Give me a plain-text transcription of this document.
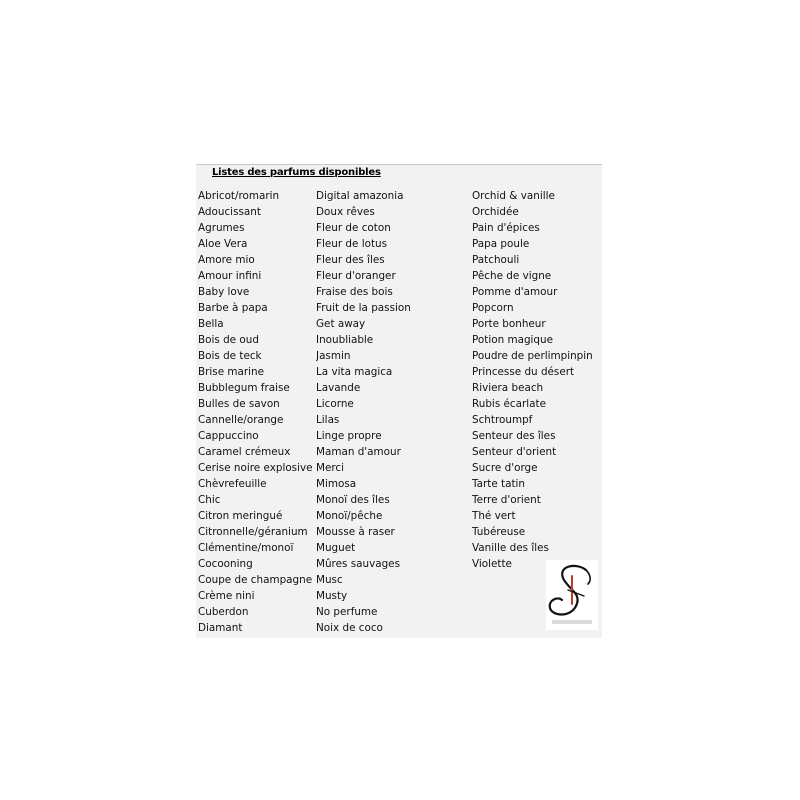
Listes des parfums disponibles
Abricot/romarin
Adoucissant
Agrumes
Aloe Vera
Amore mio
Amour infini
Baby love
Barbe à papa
Bella
Bois de oud
Bois de teck
Brise marine
Bubblegum fraise
Bulles de savon
Cannelle/orange
Cappuccino
Caramel crémeux
Cerise noire explosive
Chèvrefeuille
Chic
Citron meringué
Citronnelle/géranium
Clémentine/monoï
Cocooning
Coupe de champagne
Crème nini
Cuberdon
Diamant
Digital amazonia
Doux rêves
Fleur de coton
Fleur de lotus
Fleur des îles
Fleur d'oranger
Fraise des bois
Fruit de la passion
Get away
Inoubliable
Jasmin
La vita magica
Lavande
Licorne
Lilas
Linge propre
Maman d'amour
Merci
Mimosa
Monoï des îles
Monoï/pêche
Mousse à raser
Muguet
Mûres sauvages
Musc
Musty
No perfume
Noix de coco
Orchid & vanille
Orchidée
Pain d'épices
Papa poule
Patchouli
Pêche de vigne
Pomme d'amour
Popcorn
Porte bonheur
Potion magique
Poudre de perlimpinpin
Princesse du désert
Riviera beach
Rubis écarlate
Schtroumpf
Senteur des îles
Senteur d'orient
Sucre d'orge
Tarte tatin
Terre d'orient
Thé vert
Tubéreuse
Vanille des îles
Violette
